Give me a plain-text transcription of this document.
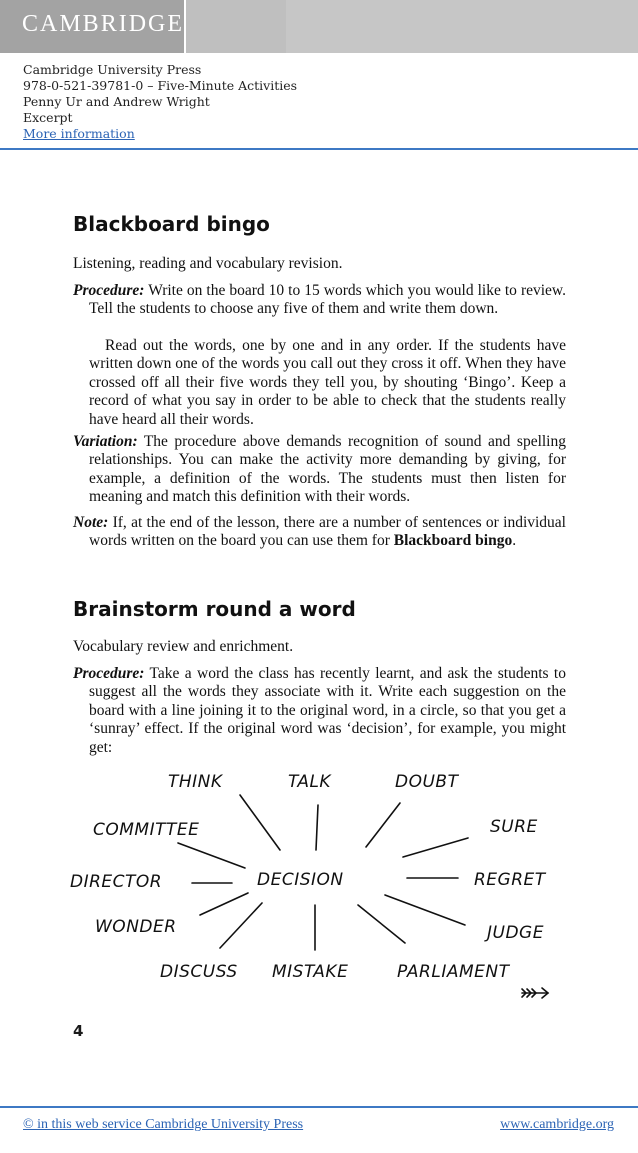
CAMBRIDGE
Cambridge University Press
978-0-521-39781-0 – Five-Minute Activities
Penny Ur and Andrew Wright
Excerpt
More information
Blackboard bingo
Listening, reading and vocabulary revision.
Procedure: Write on the board 10 to 15 words which you would like to review. Tell the students to choose any five of them and write them down.
Read out the words, one by one and in any order. If the students have written down one of the words you call out they cross it off. When they have crossed off all their five words they tell you, by shouting ‘Bingo’. Keep a record of what you say in order to be able to check that the students really have heard all their words.
Variation: The procedure above demands recognition of sound and spelling relationships. You can make the activity more demanding by giving, for example, a definition of the words. The students must then listen for meaning and match this definition with their words.
Note: If, at the end of the lesson, there are a number of sentences or individual words written on the board you can use them for Blackboard bingo.
Brainstorm round a word
Vocabulary review and enrichment.
Procedure: Take a word the class has recently learnt, and ask the students to suggest all the words they associate with it. Write each suggestion on the board with a line joining it to the original word, in a circle, so that you get a ‘sunray’ effect. If the original word was ‘decision’, for example, you might get:
THINK	TALK	DOUBT
COMMITTEE	SURE
DIRECTOR	DECISION	REGRET
WONDER	JUDGE
DISCUSS MISTAKE	PARLIAMENT
4
© in this web service Cambridge University Press	www.cambridge.org
